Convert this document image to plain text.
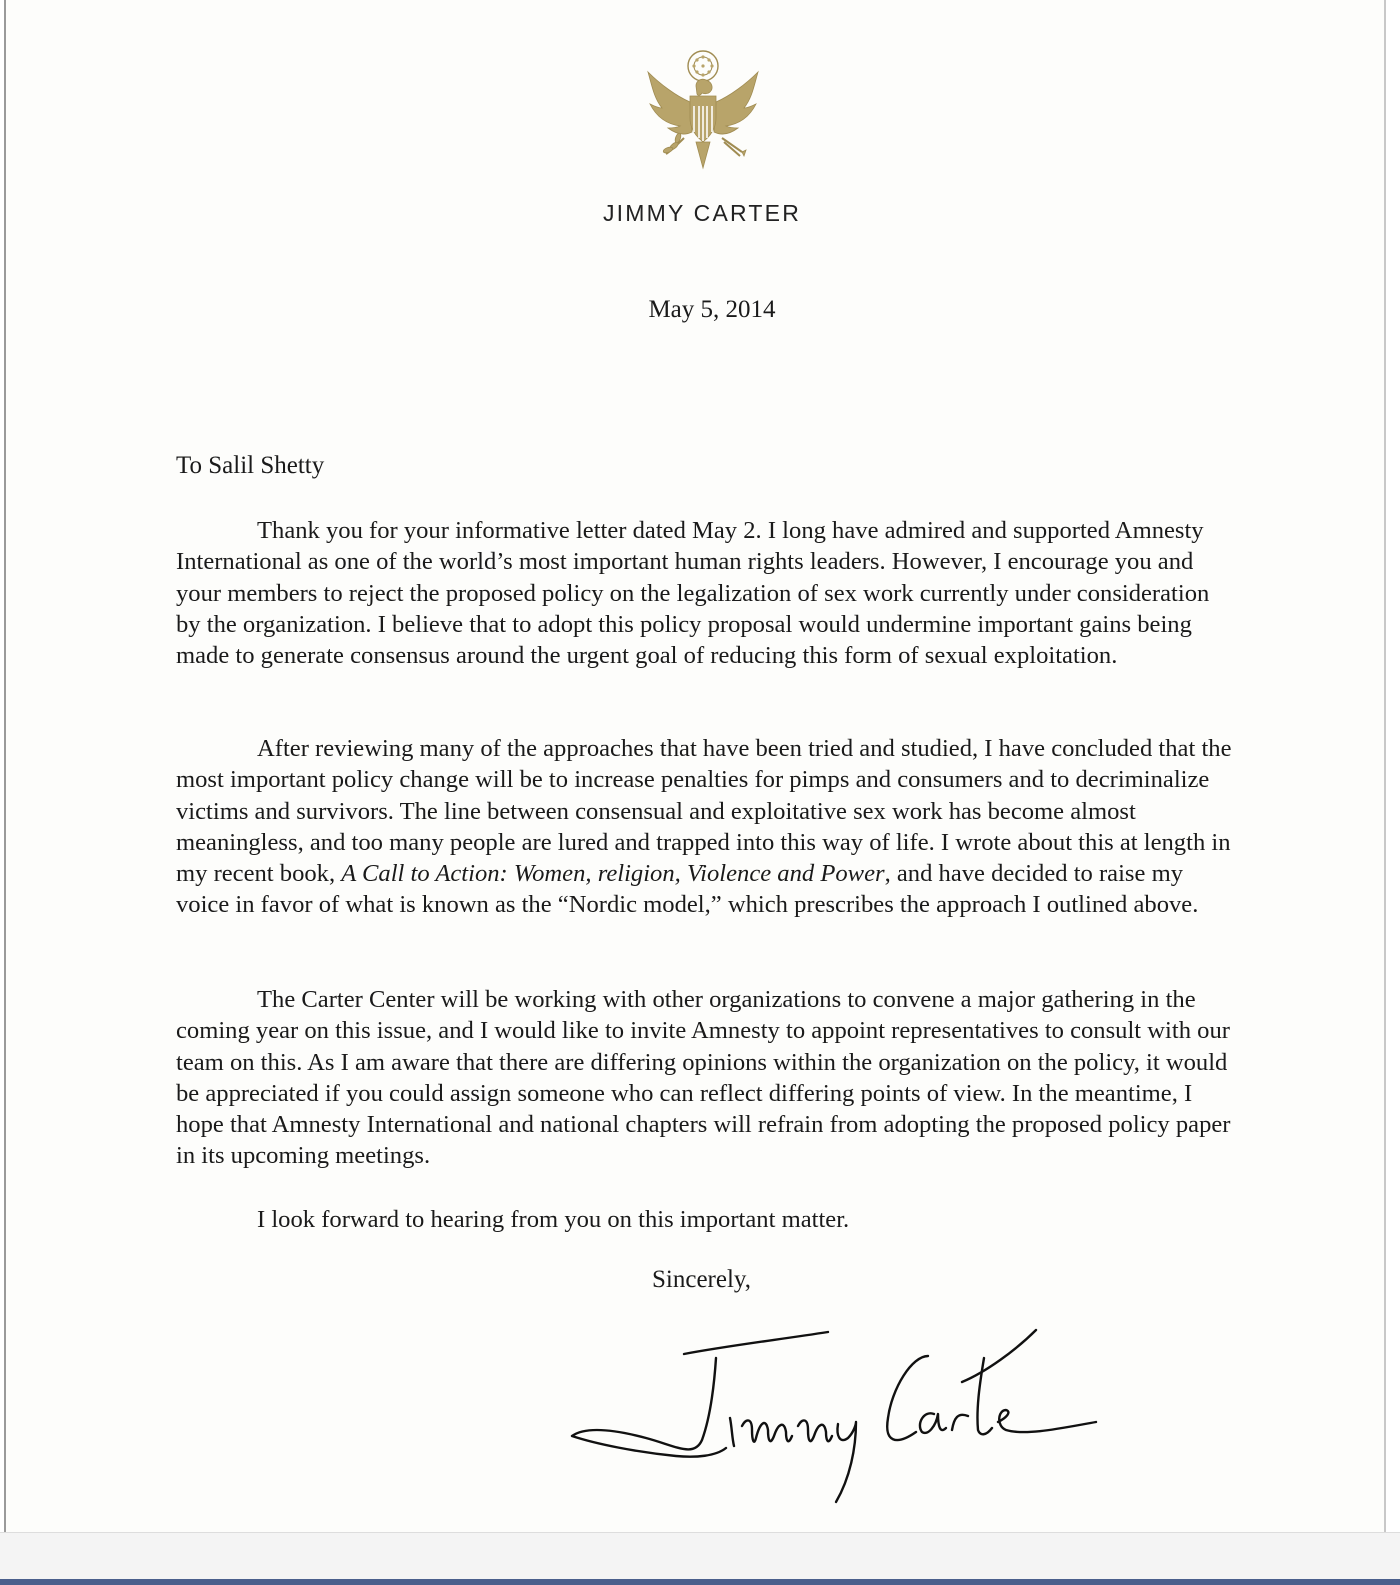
JIMMY CARTER
May 5, 2014
To Salil Shetty

Thank you for your informative letter dated May 2. I long have admired and supported Amnesty International as one of the world’s most important human rights leaders. However, I encourage you and your members to reject the proposed policy on the legalization of sex work currently under consideration by the organization. I believe that to adopt this policy proposal would undermine important gains being made to generate consensus around the urgent goal of reducing this form of sexual exploitation.

After reviewing many of the approaches that have been tried and studied, I have concluded that the most important policy change will be to increase penalties for pimps and consumers and to decriminalize victims and survivors. The line between consensual and exploitative sex work has become almost meaningless, and too many people are lured and trapped into this way of life. I wrote about this at length in my recent book, A Call to Action: Women, religion, Violence and Power, and have decided to raise my voice in favor of what is known as the “Nordic model,” which prescribes the approach I outlined above.

The Carter Center will be working with other organizations to convene a major gathering in the coming year on this issue, and I would like to invite Amnesty to appoint representatives to consult with our team on this. As I am aware that there are differing opinions within the organization on the policy, it would be appreciated if you could assign someone who can reflect differing points of view. In the meantime, I hope that Amnesty International and national chapters will refrain from adopting the proposed policy paper in its upcoming meetings.

I look forward to hearing from you on this important matter.

Sincerely,
